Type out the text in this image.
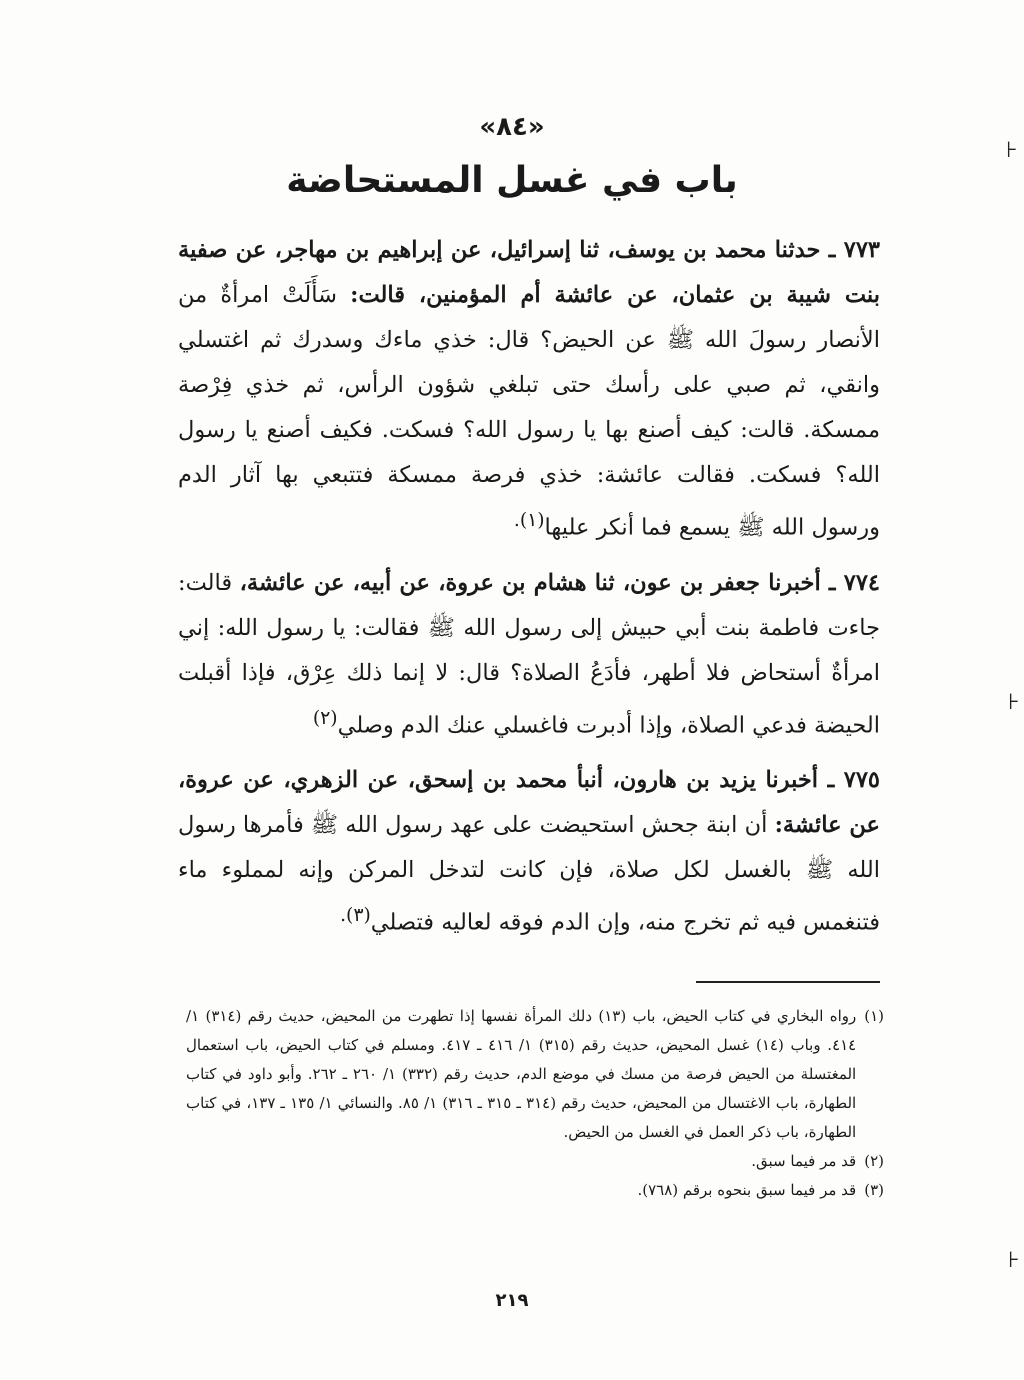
«٨٤»
باب في غسل المستحاضة

٧٧٣ ـ حدثنا محمد بن يوسف، ثنا إسرائيل، عن إبراهيم بن مهاجر، عن صفية بنت شيبة بن عثمان، عن عائشة أم المؤمنين، قالت: سَأَلَتْ امرأةٌ من الأنصار رسولَ الله ﷺ عن الحيض؟ قال: خذي ماءك وسدرك ثم اغتسلي وانقي، ثم صبي على رأسك حتى تبلغي شؤون الرأس، ثم خذي فِرْصة ممسكة. قالت: كيف أصنع بها يا رسول الله؟ فسكت. فكيف أصنع يا رسول الله؟ فسكت. فقالت عائشة: خذي فرصة ممسكة فتتبعي بها آثار الدم ورسول الله ﷺ يسمع فما أنكر عليها$^{(١).}$

٧٧٤ ـ أخبرنا جعفر بن عون، ثنا هشام بن عروة، عن أبيه، عن عائشة، قالت: جاءت فاطمة بنت أبي حبيش إلى رسول الله ﷺ فقالت: يا رسول الله: إني امرأةٌ أستحاض فلا أطهر، فأدَعُ الصلاة؟ قال: لا إنما ذلك عِرْق، فإذا أقبلت الحيضة فدعي الصلاة، وإذا أدبرت فاغسلي عنك الدم وصلي$^{(٢)}$

٧٧٥ ـ أخبرنا يزيد بن هارون، أنبأ محمد بن إسحق، عن الزهري، عن عروة، عن عائشة: أن ابنة جحش استحيضت على عهد رسول الله ﷺ فأمرها رسول الله ﷺ بالغسل لكل صلاة، فإن كانت لتدخل المركن وإنه لمملوء ماء فتنغمس فيه ثم تخرج منه، وإن الدم فوقه لعاليه فتصلي$^{(٣).}$

(١)
رواه البخاري في كتاب الحيض، باب (١٣) دلك المرأة نفسها إذا تطهرت من المحيض، حديث رقم (٣١٤) ١/ ٤١٤. وباب (١٤) غسل المحيض، حديث رقم (٣١٥) ١/ ٤١٦ ـ ٤١٧. ومسلم في كتاب الحيض، باب استعمال المغتسلة من الحيض فرصة من مسك في موضع الدم، حديث رقم (٣٣٢) ١/ ٢٦٠ ـ ٢٦٢. وأبو داود في كتاب الطهارة، باب الاغتسال من المحيض، حديث رقم (٣١٤ ـ ٣١٥ ـ ٣١٦) ١/ ٨٥. والنسائي ١/ ١٣٥ ـ ١٣٧، في كتاب الطهارة، باب ذكر العمل في الغسل من الحيض.
(٢)
قد مر فيما سبق.
(٣)
قد مر فيما سبق بنحوه برقم (٧٦٨).
٢١٩
⊦
⊦
⊦
